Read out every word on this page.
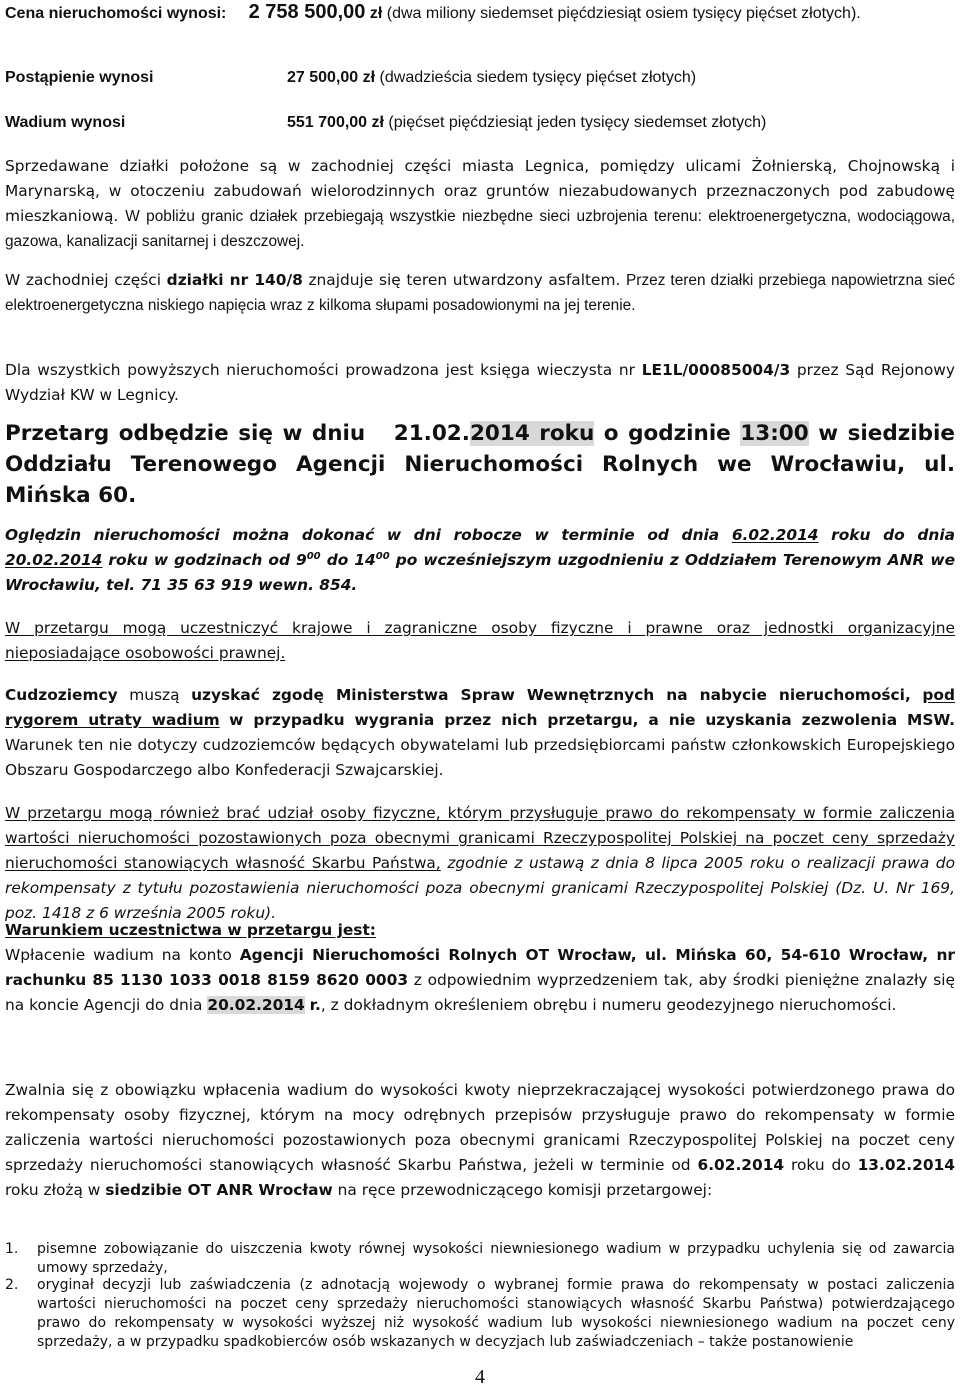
Cena nieruchomości wynosi: 2 758 500,00 zł (dwa miliony siedemset pięćdziesiąt osiem tysięcy pięćset złotych).
Postąpienie wynosi	27 500,00 zł (dwadzieścia siedem tysięcy pięćset złotych)
Wadium wynosi	551 700,00 zł (pięćset pięćdziesiąt jeden tysięcy siedemset złotych)
Sprzedawane działki położone są w zachodniej części miasta Legnica, pomiędzy ulicami Żołnierską, Chojnowską i Marynarską, w otoczeniu zabudowań wielorodzinnych oraz gruntów niezabudowanych przeznaczonych pod zabudowę mieszkaniową. W pobliżu granic działek przebiegają wszystkie niezbędne sieci uzbrojenia terenu: elektroenergetyczna, wodociągowa, gazowa, kanalizacji sanitarnej i deszczowej.
W zachodniej części działki nr 140/8 znajduje się teren utwardzony asfaltem. Przez teren działki przebiega napowietrzna sieć elektroenergetyczna niskiego napięcia wraz z kilkoma słupami posadowionymi na jej terenie.
Dla wszystkich powyższych nieruchomości prowadzona jest księga wieczysta nr LE1L/00085004/3 przez Sąd Rejonowy Wydział KW w Legnicy.
Przetarg odbędzie się w dniu 21.02.2014 roku o godzinie 13:00 w siedzibie Oddziału Terenowego Agencji Nieruchomości Rolnych we Wrocławiu, ul. Mińska 60.
Oględzin nieruchomości można dokonać w dni robocze w terminie od dnia 6.02.2014 roku do dnia 20.02.2014 roku w godzinach od $9^{00}$ do $14^{00}$ po wcześniejszym uzgodnieniu z Oddziałem Terenowym ANR we Wrocławiu, tel. 71 35 63 919 wewn. 854.
W przetargu mogą uczestniczyć krajowe i zagraniczne osoby fizyczne i prawne oraz jednostki organizacyjne nieposiadające osobowości prawnej.
Cudzoziemcy muszą uzyskać zgodę Ministerstwa Spraw Wewnętrznych na nabycie nieruchomości, pod rygorem utraty wadium w przypadku wygrania przez nich przetargu, a nie uzyskania zezwolenia MSW. Warunek ten nie dotyczy cudzoziemców będących obywatelami lub przedsiębiorcami państw członkowskich Europejskiego Obszaru Gospodarczego albo Konfederacji Szwajcarskiej.
W przetargu mogą również brać udział osoby fizyczne, którym przysługuje prawo do rekompensaty w formie zaliczenia wartości nieruchomości pozostawionych poza obecnymi granicami Rzeczypospolitej Polskiej na poczet ceny sprzedaży nieruchomości stanowiących własność Skarbu Państwa, zgodnie z ustawą z dnia 8 lipca 2005 roku o realizacji prawa do rekompensaty z tytułu pozostawienia nieruchomości poza obecnymi granicami Rzeczypospolitej Polskiej (Dz. U. Nr 169, poz. 1418 z 6 września 2005 roku).
Warunkiem uczestnictwa w przetargu jest:
Wpłacenie wadium na konto Agencji Nieruchomości Rolnych OT Wrocław, ul. Mińska 60, 54-610 Wrocław, nr rachunku 85 1130 1033 0018 8159 8620 0003 z odpowiednim wyprzedzeniem tak, aby środki pieniężne znalazły się na koncie Agencji do dnia 20.02.2014 r., z dokładnym określeniem obrębu i numeru geodezyjnego nieruchomości.
Zwalnia się z obowiązku wpłacenia wadium do wysokości kwoty nieprzekraczającej wysokości potwierdzonego prawa do rekompensaty osoby fizycznej, którym na mocy odrębnych przepisów przysługuje prawo do rekompensaty w formie zaliczenia wartości nieruchomości pozostawionych poza obecnymi granicami Rzeczypospolitej Polskiej na poczet ceny sprzedaży nieruchomości stanowiących własność Skarbu Państwa, jeżeli w terminie od 6.02.2014 roku do 13.02.2014 roku złożą w siedzibie OT ANR Wrocław na ręce przewodniczącego komisji przetargowej:
1. pisemne zobowiązanie do uiszczenia kwoty równej wysokości niewniesionego wadium w przypadku uchylenia się od zawarcia umowy sprzedaży,
2. oryginał decyzji lub zaświadczenia (z adnotacją wojewody o wybranej formie prawa do rekompensaty w postaci zaliczenia wartości nieruchomości na poczet ceny sprzedaży nieruchomości stanowiących własność Skarbu Państwa) potwierdzającego prawo do rekompensaty w wysokości wyższej niż wysokość wadium lub wysokości niewniesionego wadium na poczet ceny sprzedaży, a w przypadku spadkobierców osób wskazanych w decyzjach lub zaświadczeniach – także postanowienie
4
